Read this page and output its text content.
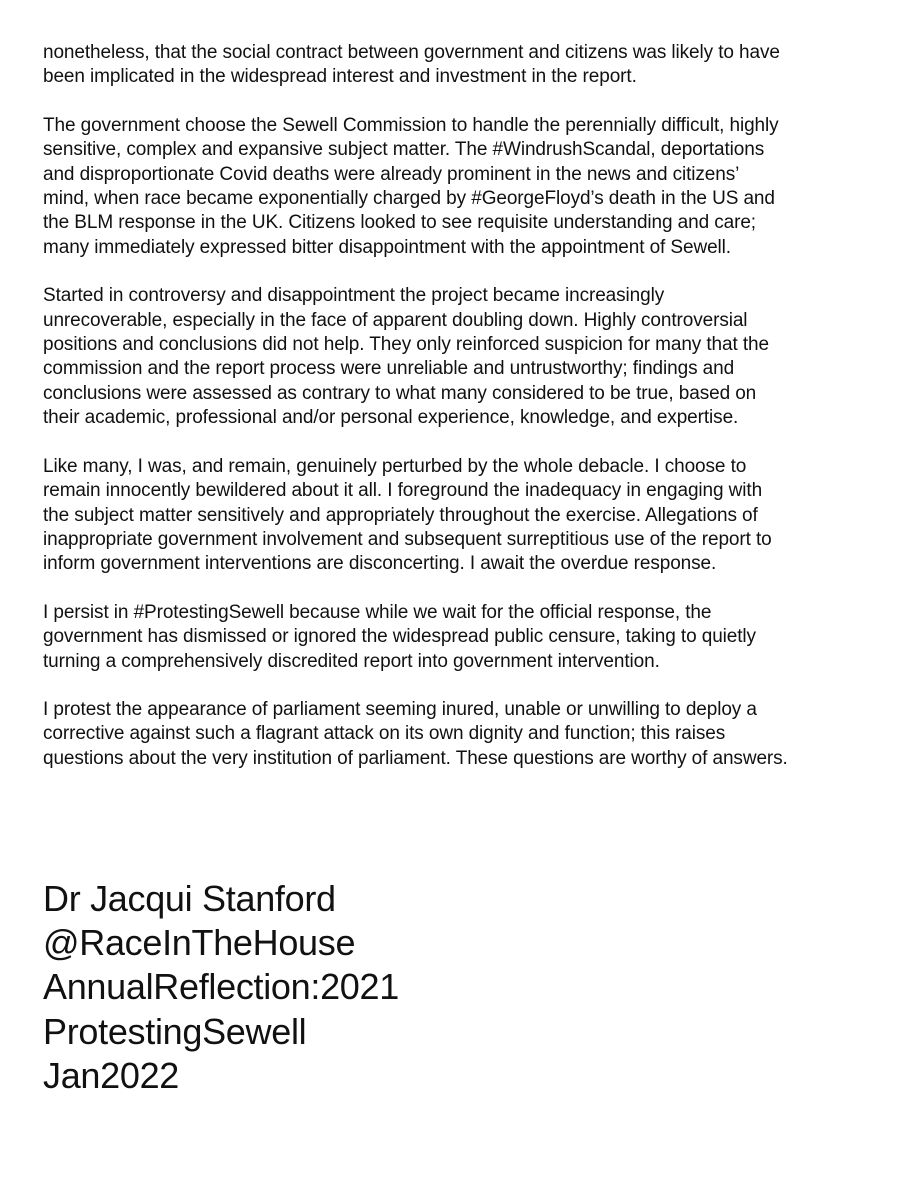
nonetheless, that the social contract between government and citizens was likely to have
been implicated in the widespread interest and investment in the report.

The government choose the Sewell Commission to handle the perennially difficult, highly
sensitive, complex and expansive subject matter. The #WindrushScandal, deportations
and disproportionate Covid deaths were already prominent in the news and citizens’
mind, when race became exponentially charged by #GeorgeFloyd’s death in the US and
the BLM response in the UK. Citizens looked to see requisite understanding and care;
many immediately expressed bitter disappointment with the appointment of Sewell.

Started in controversy and disappointment the project became increasingly
unrecoverable, especially in the face of apparent doubling down. Highly controversial
positions and conclusions did not help. They only reinforced suspicion for many that the
commission and the report process were unreliable and untrustworthy; findings and
conclusions were assessed as contrary to what many considered to be true, based on
their academic, professional and/or personal experience, knowledge, and expertise.

Like many, I was, and remain, genuinely perturbed by the whole debacle. I choose to
remain innocently bewildered about it all. I foreground the inadequacy in engaging with
the subject matter sensitively and appropriately throughout the exercise. Allegations of
inappropriate government involvement and subsequent surreptitious use of the report to
inform government interventions are disconcerting. I await the overdue response.

I persist in #ProtestingSewell because while we wait for the official response, the
government has dismissed or ignored the widespread public censure, taking to quietly
turning a comprehensively discredited report into government intervention.

I protest the appearance of parliament seeming inured, unable or unwilling to deploy a
corrective against such a flagrant attack on its own dignity and function; this raises
questions about the very institution of parliament. These questions are worthy of answers.

Dr Jacqui Stanford
@RaceInTheHouse
AnnualReflection:2021
ProtestingSewell
Jan2022
